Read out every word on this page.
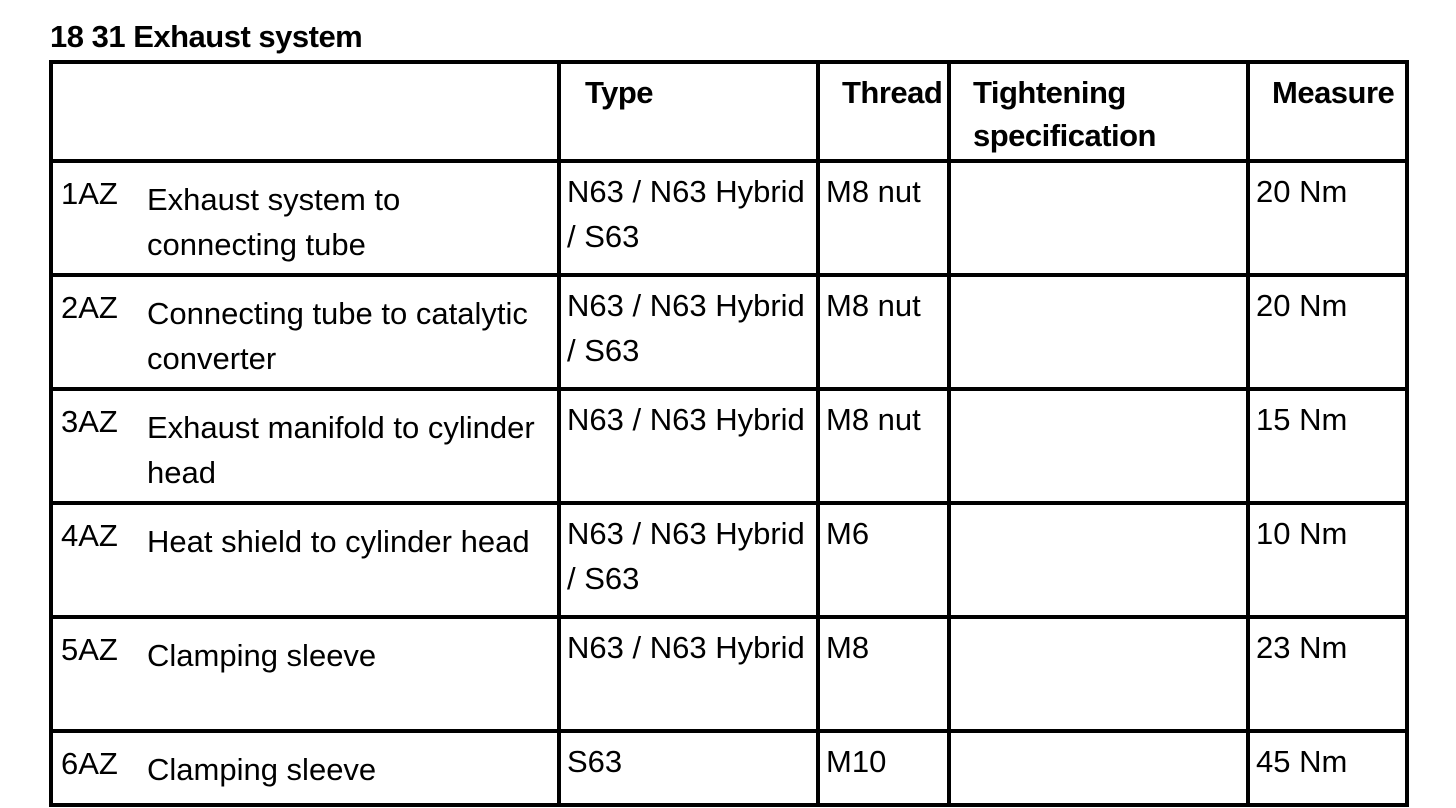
18 31 Exhaust system
	Type	Thread	Tightening specification	Measure

1AZ Exhaust system to connecting tube	N63 / N63 Hybrid / S63	M8 nut		20 Nm

2AZ Connecting tube to catalytic converter	N63 / N63 Hybrid / S63	M8 nut		20 Nm

3AZ Exhaust manifold to cylinder head	N63 / N63 Hybrid	M8 nut		15 Nm

4AZ Heat shield to cylinder head	N63 / N63 Hybrid / S63	M6		10 Nm

5AZ Clamping sleeve	N63 / N63 Hybrid	M8		23 Nm

6AZ Clamping sleeve	S63	M10		45 Nm
